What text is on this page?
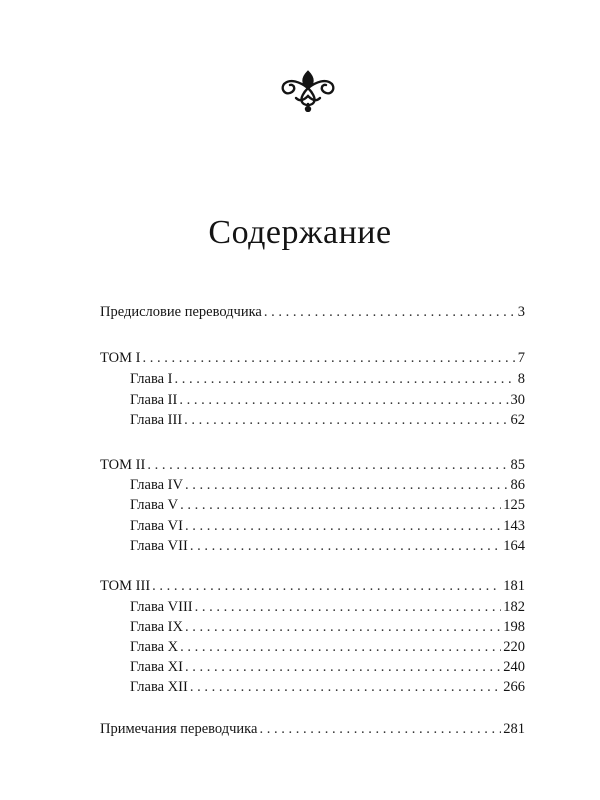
Содержание
Предисловие переводчика . . .	3
ТОМ I . . .	7
Глава I . . .	8
Глава II . . .	30
Глава III . . .	62
ТОМ II . . .	85
Глава IV . . .	86
Глава V . . .	125
Глава VI . . .	143
Глава VII . . .	164
ТОМ III . . .	181
Глава VIII . . .	182
Глава IX . . .	198
Глава X . . .	220
Глава XI . . .	240
Глава XII . . .	266
Примечания переводчика . . .	281
